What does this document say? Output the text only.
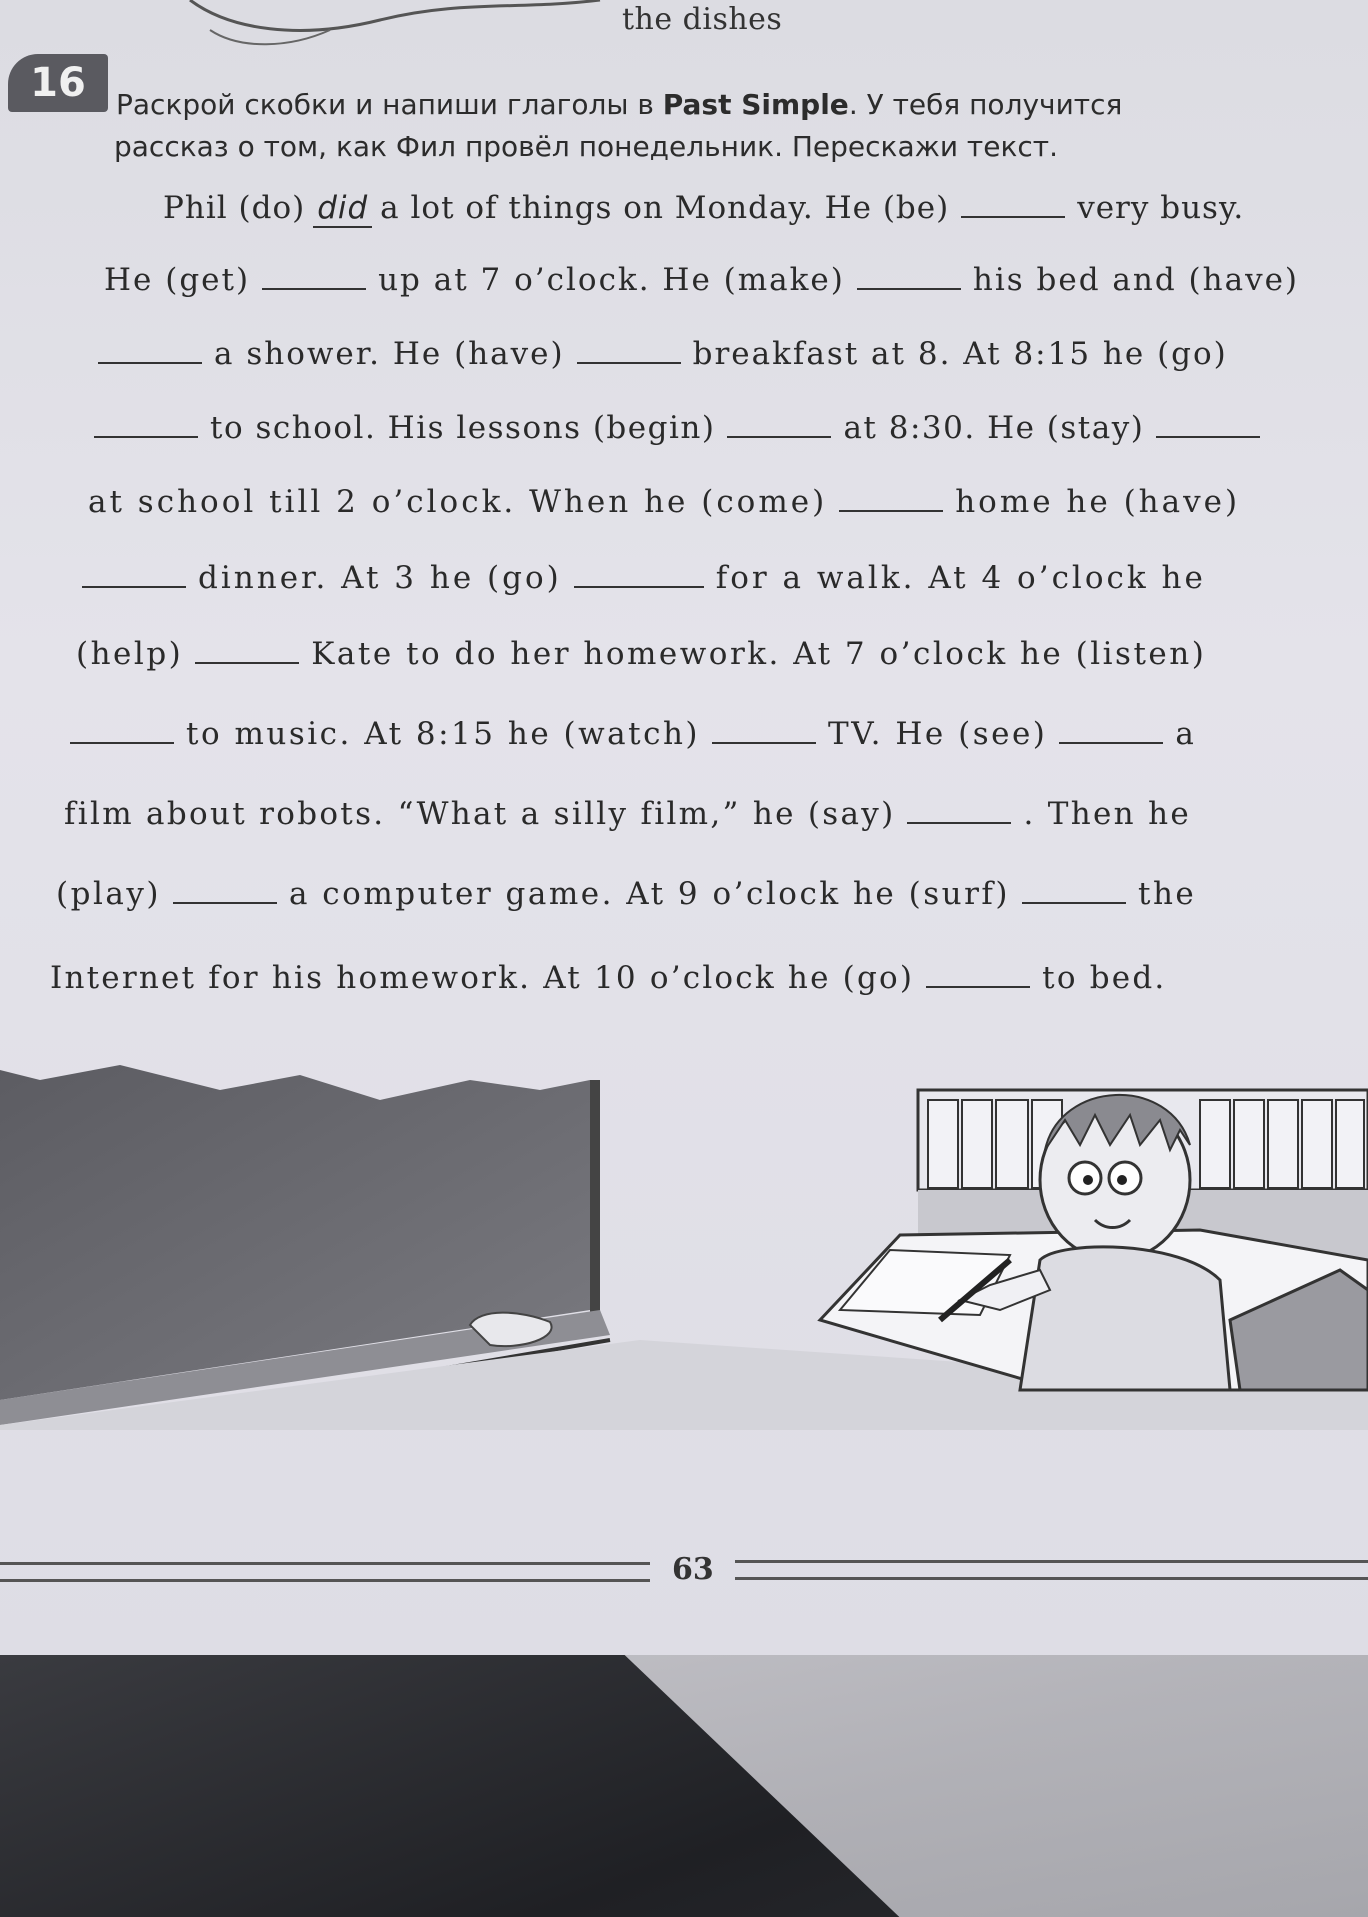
the dishes
16	Раскрой скобки и напиши глаголы в Past Simple. У тебя получится
рассказ о том, как Фил провёл понедельник. Перескажи текст.
Phil (do) did a lot of things on Monday. He (be)	very busy.
He (get)	up at 7 o’clock. He (make)	his bed and (have)
a shower. He (have)	breakfast at 8. At 8:15 he (go)
to school. His lessons (begin)	at 8:30. He (stay)
at school till 2 o’clock. When he (come)	home he (have)
dinner. At 3 he (go)	for a walk. At 4 o’clock he
(help)	Kate to do her homework. At 7 o’clock he (listen)
to music. At 8:15 he (watch)	TV. He (see)	a
film about robots. “What a silly film,” he (say)	. Then he
(play)	a computer game. At 9 o’clock he (surf)	the
Internet for his homework. At 10 o’clock he (go)	to bed.
63
